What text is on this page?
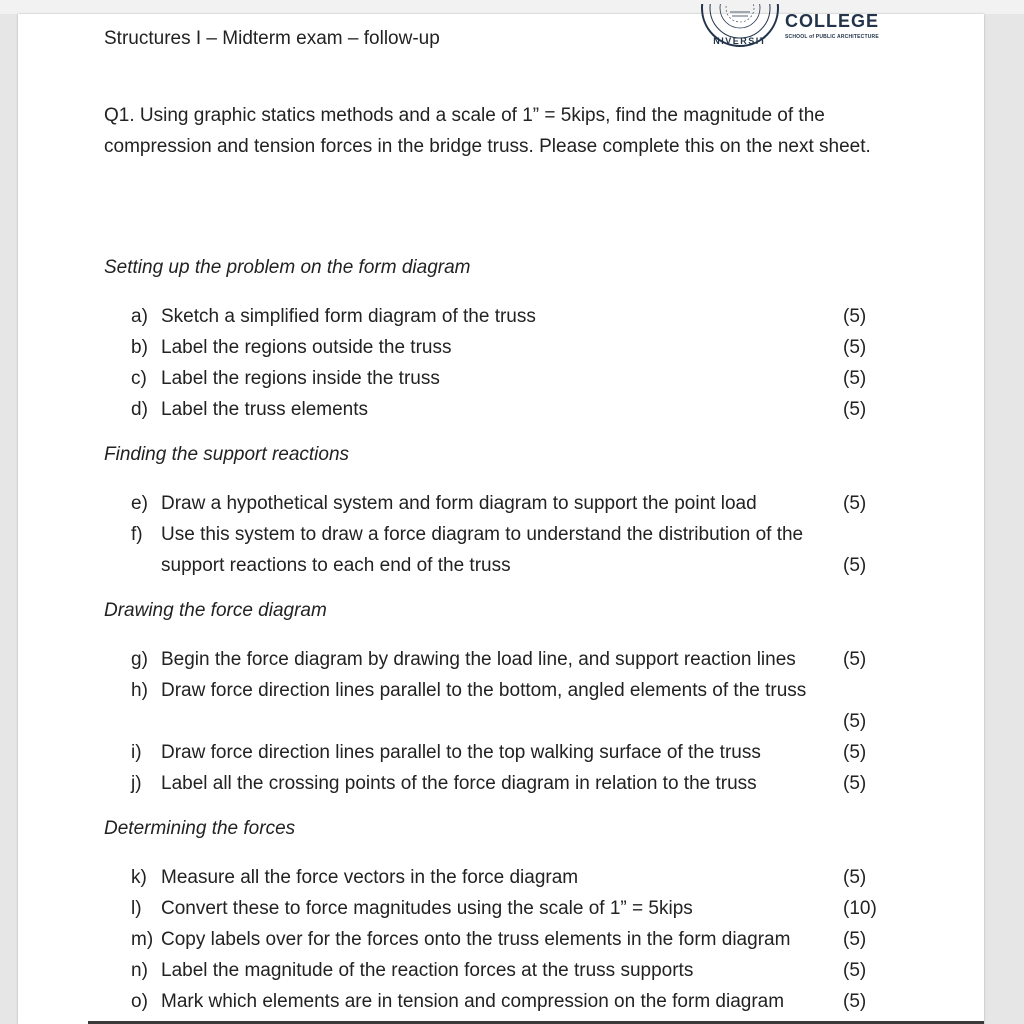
Structures I – Midterm exam – follow-up	NIVERSIT
COLLEGE
SCHOOL of PUBLIC ARCHITECTURE
Q1. Using graphic statics methods and a scale of 1” = 5kips, find the magnitude of the compression and tension forces in the bridge truss. Please complete this on the next sheet.
Setting up the problem on the form diagram
a) Sketch a simplified form diagram of the truss	(5)
b) Label the regions outside the truss	(5)
c) Label the regions inside the truss	(5)
d) Label the truss elements	(5)
Finding the support reactions
e) Draw a hypothetical system and form diagram to support the point load	(5)
f) Use this system to draw a force diagram to understand the distribution of the
support reactions to each end of the truss	(5)
Drawing the force diagram
g) Begin the force diagram by drawing the load line, and support reaction lines (5)
h) Draw force direction lines parallel to the bottom, angled elements of the truss
(5)
i) Draw force direction lines parallel to the top walking surface of the truss	(5)
j) Label all the crossing points of the force diagram in relation to the truss	(5)
Determining the forces
k) Measure all the force vectors in the force diagram	(5)
l) Convert these to force magnitudes using the scale of 1” = 5kips	(10)
m) Copy labels over for the forces onto the truss elements in the form diagram	(5)
n) Label the magnitude of the reaction forces at the truss supports	(5)
o) Mark which elements are in tension and compression on the form diagram	(5)
